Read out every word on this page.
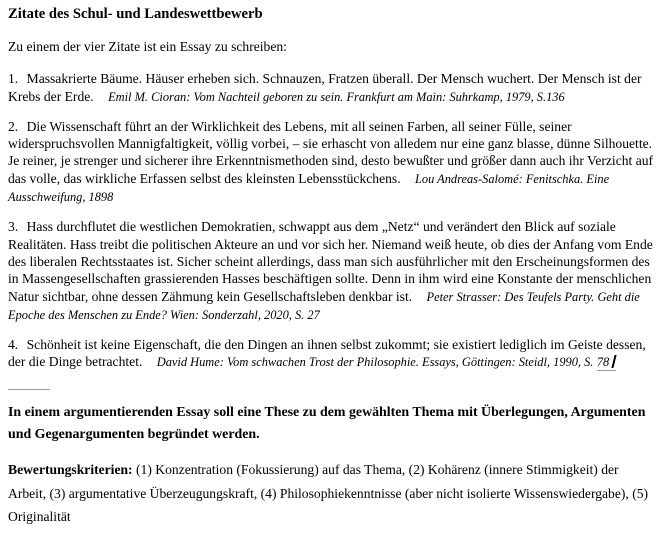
Zitate des Schul- und Landeswettbewerb

Zu einem der vier Zitate ist ein Essay zu schreiben:

1. Massakrierte Bäume. Häuser erheben sich. Schnauzen, Fratzen überall. Der Mensch wuchert. Der Mensch ist der Krebs der Erde. Emil M. Cioran: Vom Nachteil geboren zu sein. Frankfurt am Main: Suhrkamp, 1979, S.136

2. Die Wissenschaft führt an der Wirklichkeit des Lebens, mit all seinen Farben, all seiner Fülle, seiner widerspruchsvollen Mannigfaltigkeit, völlig vorbei, – sie erhascht von alledem nur eine ganz blasse, dünne Silhouette. Je reiner, je strenger und sicherer ihre Erkenntnismethoden sind, desto bewußter und größer dann auch ihr Verzicht auf das volle, das wirkliche Erfassen selbst des kleinsten Lebensstückchens. Lou Andreas-Salomé: Fenitschka. Eine Ausschweifung, 1898

3. Hass durchflutet die westlichen Demokratien, schwappt aus dem „Netz“ und verändert den Blick auf soziale Realitäten. Hass treibt die politischen Akteure an und vor sich her. Niemand weiß heute, ob dies der Anfang vom Ende des liberalen Rechtsstaates ist. Sicher scheint allerdings, dass man sich ausführlicher mit den Erscheinungsformen des in Massengesellschaften grassierenden Hasses beschäftigen sollte. Denn in ihm wird eine Konstante der menschlichen Natur sichtbar, ohne dessen Zähmung kein Gesellschaftsleben denkbar ist. Peter Strasser: Des Teufels Party. Geht die Epoche des Menschen zu Ende? Wien: Sonderzahl, 2020, S. 27

4. Schönheit ist keine Eigenschaft, die den Dingen an ihnen selbst zukommt; sie existiert lediglich im Geiste dessen, der die Dinge betrachtet. David Hume: Vom schwachen Trost der Philosophie. Essays, Göttingen: Steidl, 1990, S. 78

In einem argumentierenden Essay soll eine These zu dem gewählten Thema mit Überlegungen, Argumenten und Gegenargumenten begründet werden.

Bewertungskriterien: (1) Konzentration (Fokussierung) auf das Thema, (2) Kohärenz (innere Stimmigkeit) der Arbeit, (3) argumentative Überzeugungskraft, (4) Philosophiekenntnisse (aber nicht isolierte Wissenswiedergabe), (5) Originalität
